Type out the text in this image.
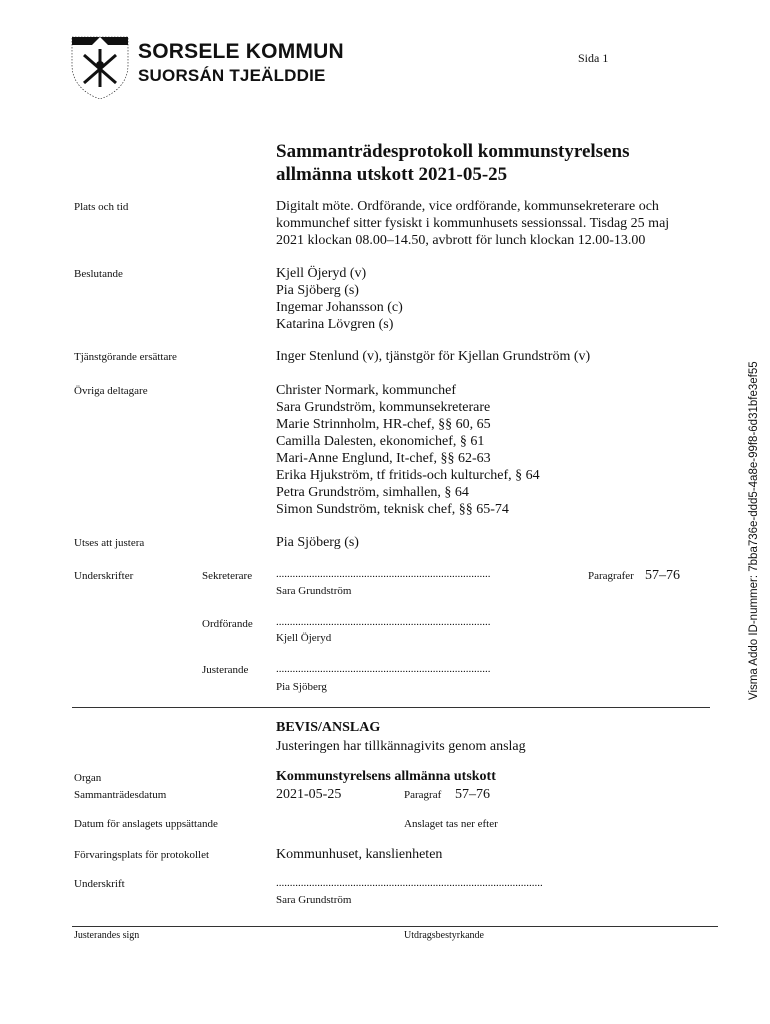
SORSELE KOMMUN
SUORSÁN TJEÄLDDIE
Sida 1
Sammanträdesprotokoll kommunstyrelsens
allmänna utskott 2021-05-25
Plats och tid	Digitalt möte. Ordförande, vice ordförande, kommunsekreterare och
kommunchef sitter fysiskt i kommunhusets sessionssal. Tisdag 25 maj
2021 klockan 08.00–14.50, avbrott för lunch klockan 12.00-13.00
Beslutande	Kjell Öjeryd (v)
Pia Sjöberg (s)
Ingemar Johansson (c)
Katarina Lövgren (s)
Tjänstgörande ersättare	Inger Stenlund (v), tjänstgör för Kjellan Grundström (v)
Övriga deltagare	Christer Normark, kommunchef
Sara Grundström, kommunsekreterare
Marie Strinnholm, HR-chef, §§ 60, 65
Camilla Dalesten, ekonomichef, § 61
Mari-Anne Englund, It-chef, §§ 62-63
Erika Hjukström, tf fritids-och kulturchef, § 64
Petra Grundström, simhallen, § 64
Simon Sundström, teknisk chef, §§ 65-74
Utses att justera	Pia Sjöberg (s)
Underskrifter	Sekreterare ..............................................................................	Paragrafer 57–76
Sara Grundström
Ordförande ..............................................................................
Kjell Öjeryd
Justerande	..............................................................................
Pia Sjöberg
BEVIS/ANSLAG
Justeringen har tillkännagivits genom anslag
Organ	Kommunstyrelsens allmänna utskott
Sammanträdesdatum	2021-05-25	Paragraf 57–76
Datum för anslagets uppsättande	Anslaget tas ner efter
Förvaringsplats för protokollet	Kommunhuset, kanslienheten
Underskrift	.................................................................................................
Sara Grundström
Justerandes sign	Utdragsbestyrkande
Visma Addo ID-nummer: 7bba736e-ddd5-4a8e-99f8-6d31bfe3ef55
